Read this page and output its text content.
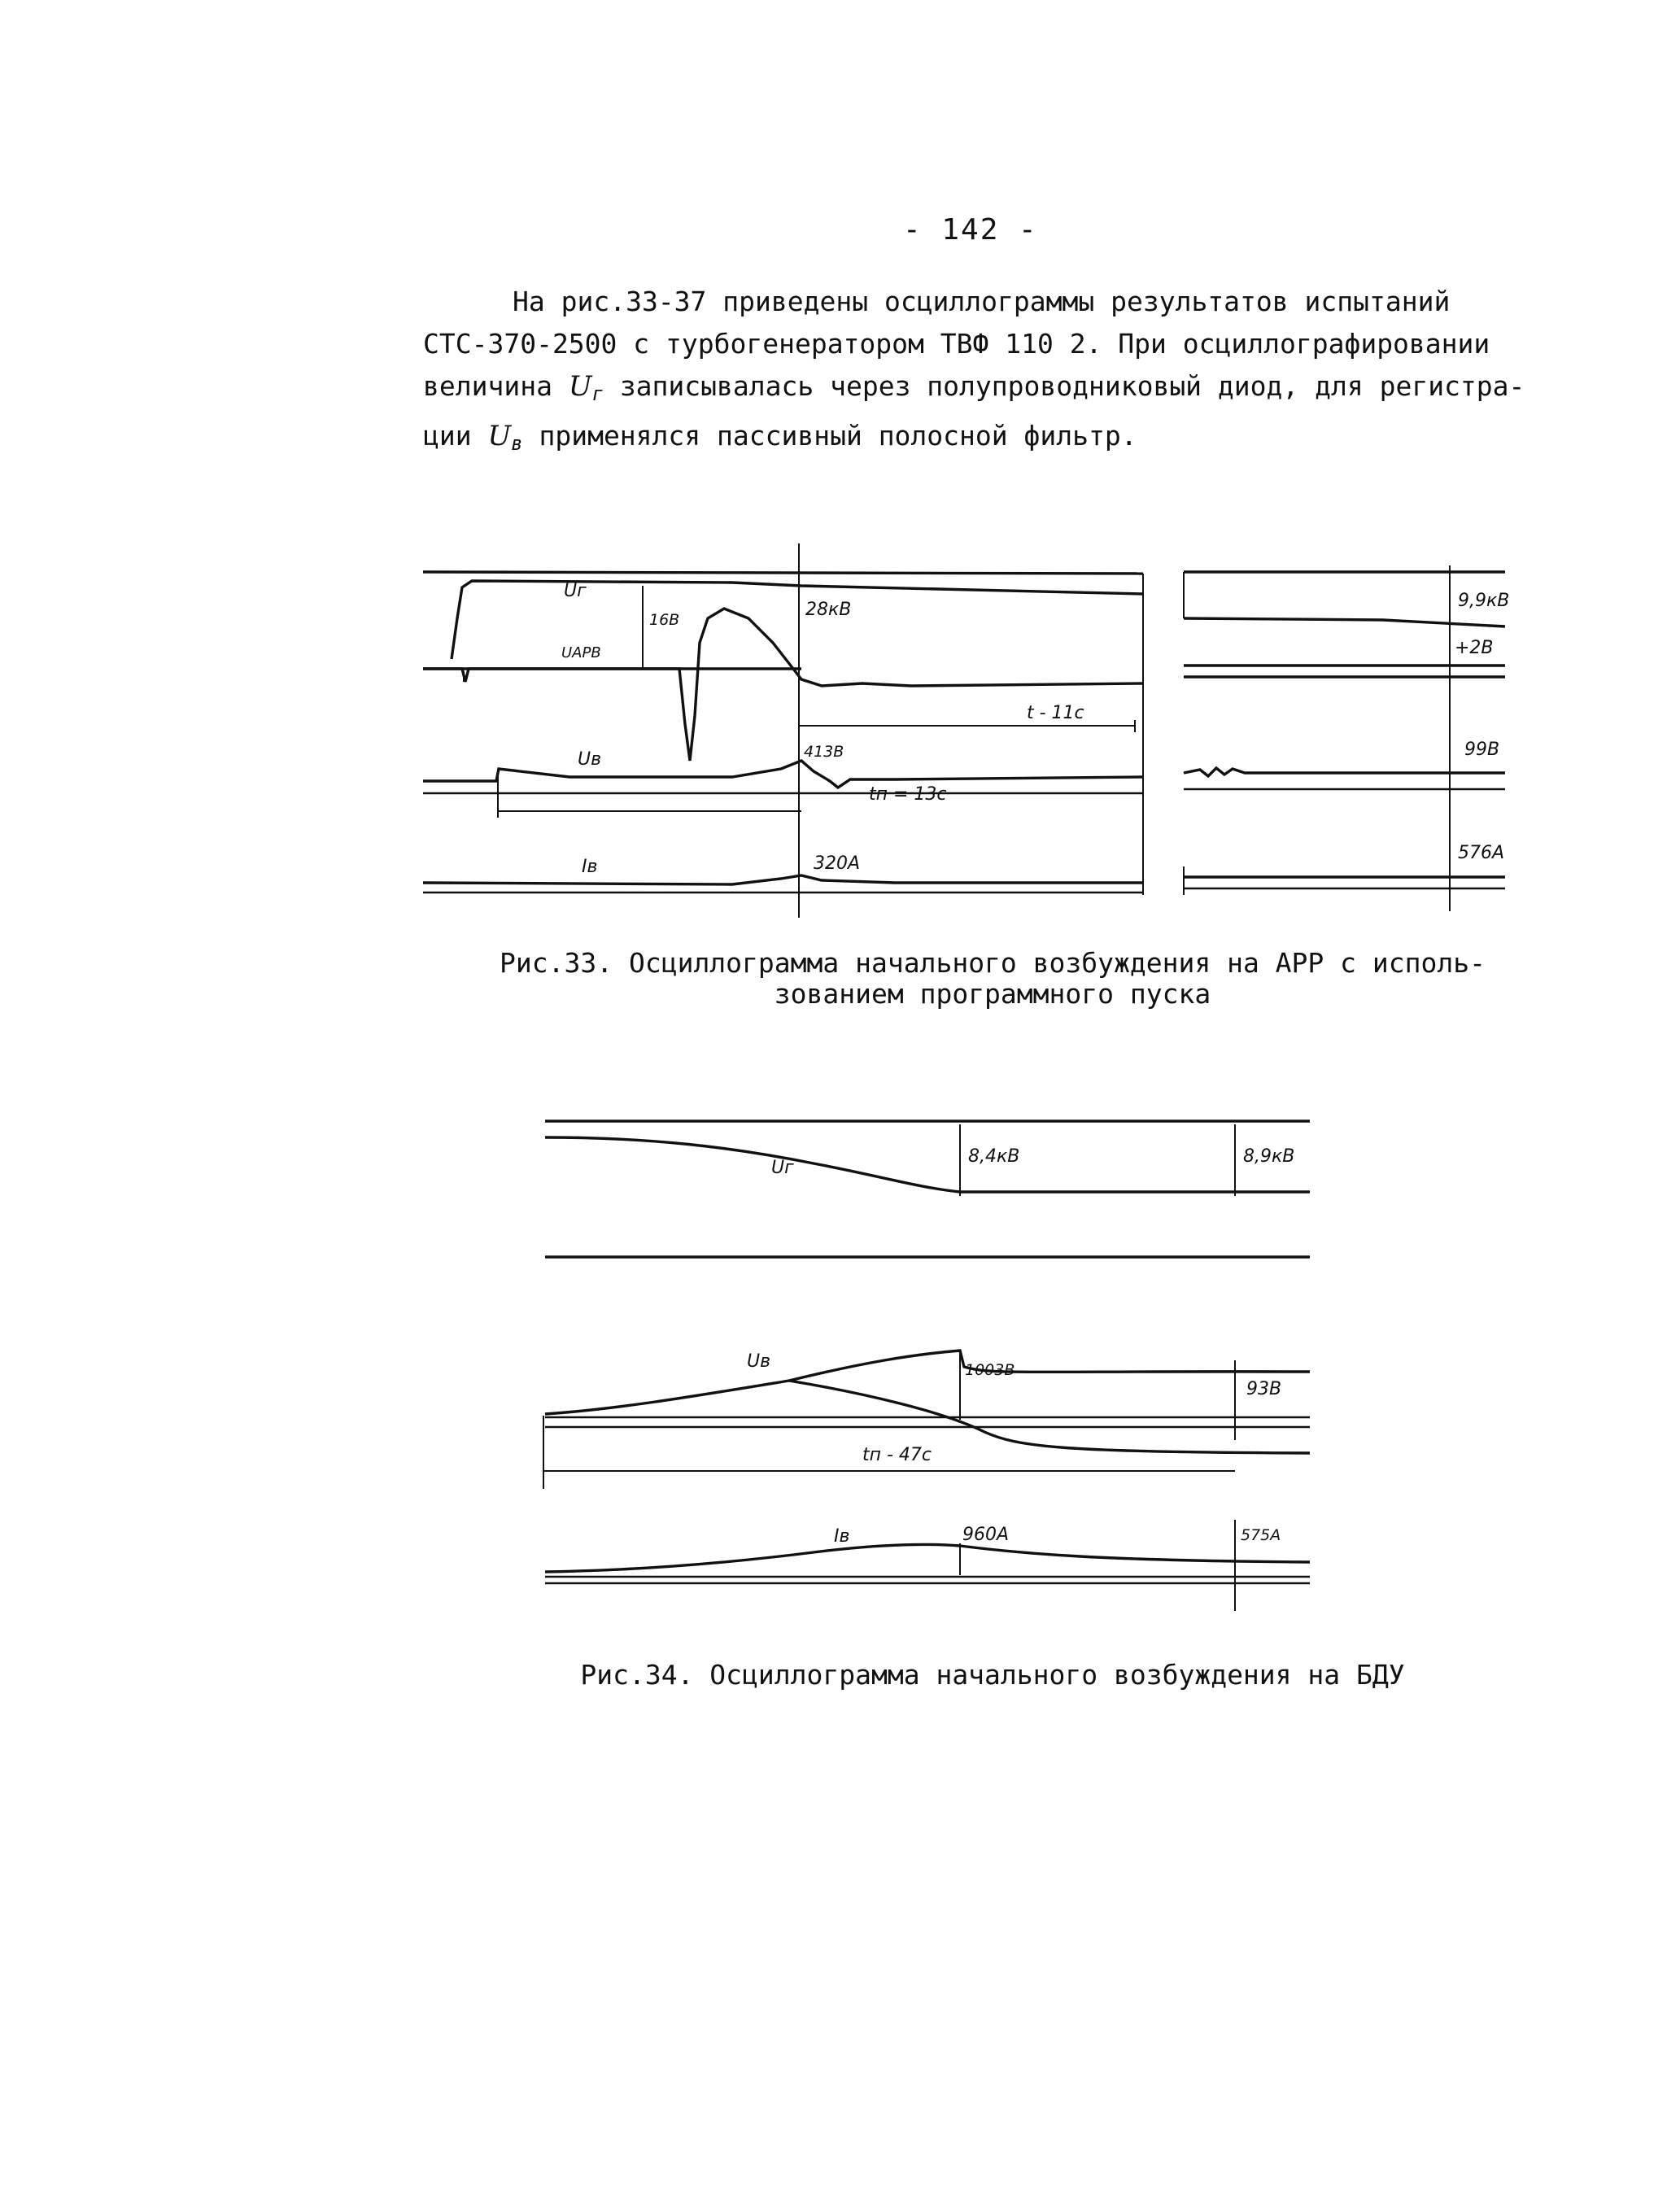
- 142 -
На рис.33-37 приведены осциллограммы результатов испытаний
СТС-370-2500 с турбогенератором ТВФ 110 2. При осциллографировании
величина $U_г$ записывалась через полупроводниковый диод, для регистра-
ции $U_в$ применялся пассивный полосной фильтр.
Uг
UАРВ
16В	28кВ
t - 11с
Uв	413В
tп = 13с
Iв	320А
9,9кВ
+2В
99В
576А
Рис.33. Осциллограмма начального возбуждения на АРР с исполь-
зованием программного пуска
Uг
8,4кВ	8,9кВ
Uв	1003В
93В
tп - 47с
Iв	960А	575А
Рис.34. Осциллограмма начального возбуждения на БДУ
